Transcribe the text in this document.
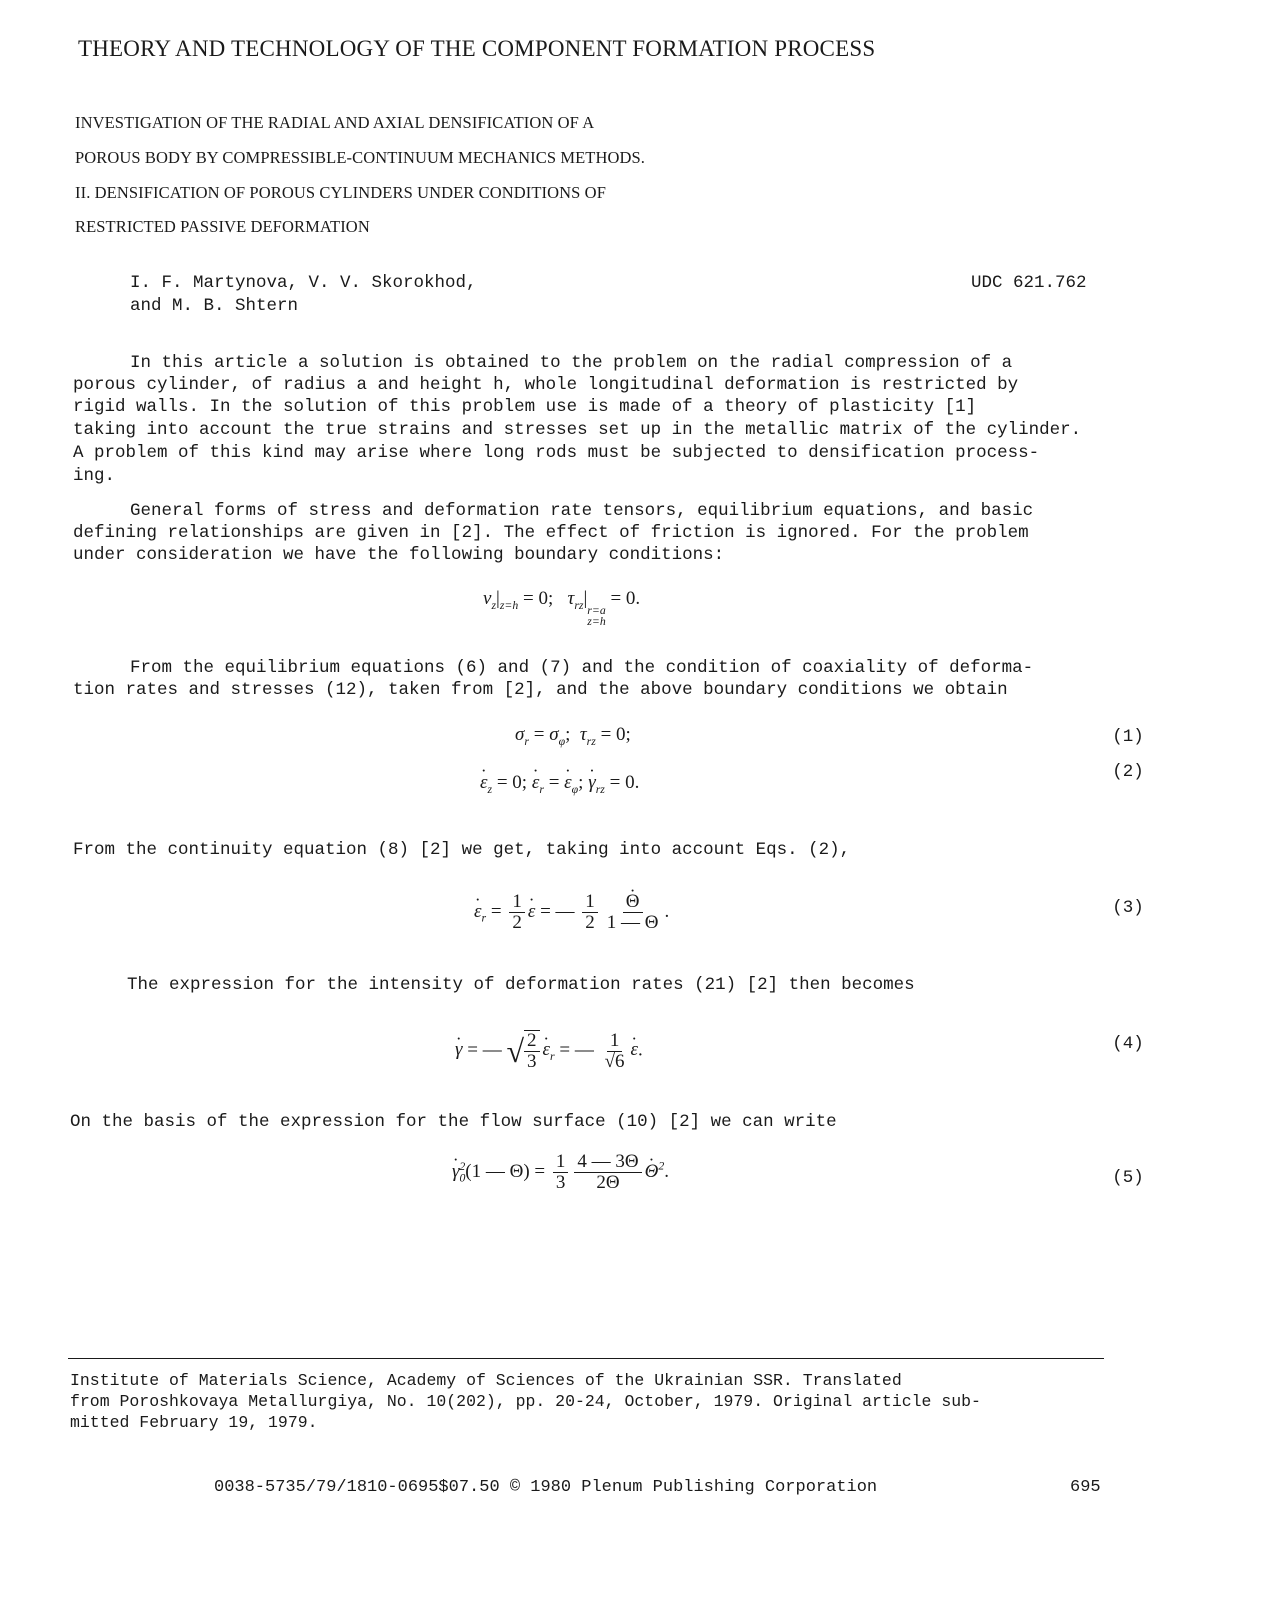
THEORY AND TECHNOLOGY OF THE COMPONENT FORMATION PROCESS
INVESTIGATION OF THE RADIAL AND AXIAL DENSIFICATION OF A
POROUS BODY BY COMPRESSIBLE-CONTINUUM MECHANICS METHODS.
II. DENSIFICATION OF POROUS CYLINDERS UNDER CONDITIONS OF
RESTRICTED PASSIVE DEFORMATION
I. F. Martynova, V. V. Skorokhod,
and M. B. Shtern
UDC 621.762
In this article a solution is obtained to the problem on the radial compression of a
porous cylinder, of radius a and height h, whole longitudinal deformation is restricted by
rigid walls. In the solution of this problem use is made of a theory of plasticity [1]
taking into account the true strains and stresses set up in the metallic matrix of the cylinder.
A problem of this kind may arise where long rods must be subjected to densification process-
ing.
General forms of stress and deformation rate tensors, equilibrium equations, and basic
defining relationships are given in [2]. The effect of friction is ignored. For the problem
under consideration we have the following boundary conditions:
$v_z|_{z=h} = 0$;   $\tau_{rz}|$
r=a
z=h
= 0.
From the equilibrium equations (6) and (7) and the condition of coaxiality of deforma-
tion rates and stresses (12), taken from [2], and the above boundary conditions we obtain
$\sigma_r = \sigma_\varphi$;  $\tau_{rz} = 0$;	(1)
· $\varepsilon_z = 0$; · $\varepsilon_r$ = · $\varepsilon_\varphi$; · $\gamma_{rz} = 0$.	(2)
From the continuity equation (8) [2] we get, taking into account Eqs. (2),
· $\varepsilon_r = \frac{1}{2}$
· ε = — $\frac{1}{2}$
· $\frac{\Theta}{1 — \Theta}$ .	(3)
The expression for the intensity of deformation rates (21) [2] then becomes
· γ = — √ $\frac{2}{3}$
· $\varepsilon_r$ = — $\frac{1}{√6}$
· ε.	(4)
On the basis of the expression for the flow surface (10) [2] we can write
· $\gamma_0^2(1$ — $\Theta) = \frac{1}{3} \frac{4 — 3\Theta}{2\Theta}$
· $\Theta^2$.	(5)
Institute of Materials Science, Academy of Sciences of the Ukrainian SSR. Translated
from Poroshkovaya Metallurgiya, No. 10(202), pp. 20-24, October, 1979. Original article sub-
mitted February 19, 1979.
0038-5735/79/1810-0695$07.50 © 1980 Plenum Publishing Corporation	695
